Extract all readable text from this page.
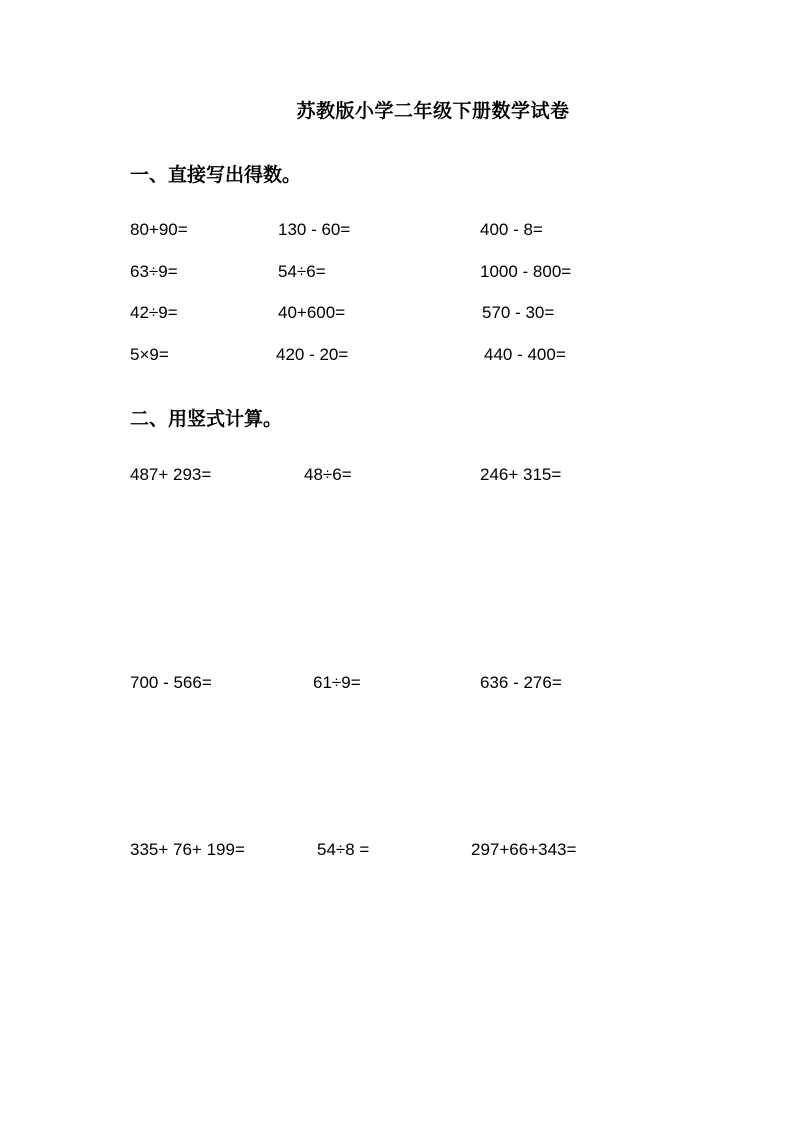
苏教版小学二年级下册数学试卷
一、直接写出得数。
80+90=	130 - 60=	400 - 8=
63÷9=	54÷6=	1000 - 800=
42÷9=	40+600=	570 - 30=
5×9=	420 - 20=	440 - 400=
二、用竖式计算。
487+ 293=	48÷6=	246+ 315=
700 - 566=	61÷9=	636 - 276=
335+ 76+ 199=	54÷8 =	297+66+343=
